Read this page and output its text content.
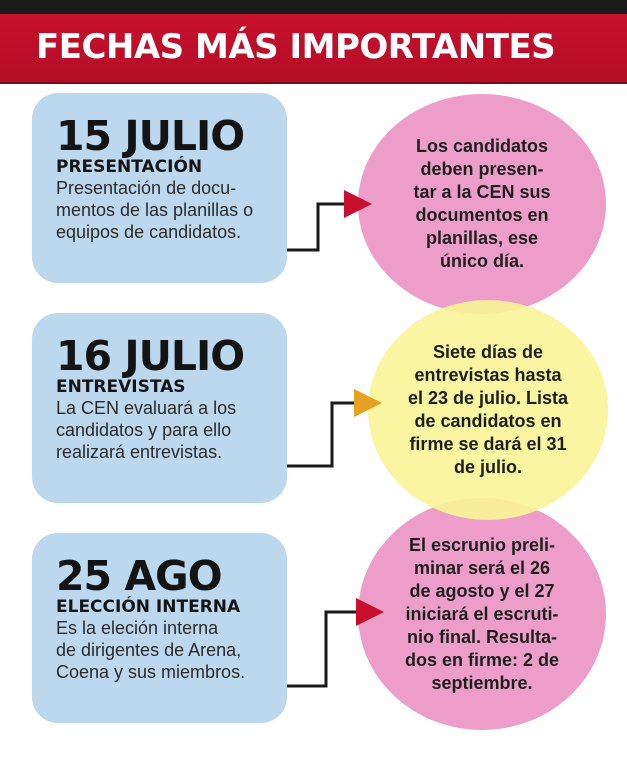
FECHAS MÁS IMPORTANTES
Los candidatos
deben presen-
tar a la CEN sus
documentos en
planillas, ese
único día.
El escrunio preli-
minar será el 26
de agosto y el 27
iniciará el escruti-
nio final. Resulta-
dos en firme: 2 de
septiembre.
Siete días de
entrevistas hasta
el 23 de julio. Lista
de candidatos en
firme se dará el 31
de julio.
15 JULIO
PRESENTACIÓN
Presentación de docu-
mentos de las planillas o
equipos de candidatos.
16 JULIO
ENTREVISTAS
La CEN evaluará a los
candidatos y para ello
realizará entrevistas.
25 AGO
ELECCIÓN INTERNA
Es la eleción interna
de dirigentes de Arena,
Coena y sus miembros.
